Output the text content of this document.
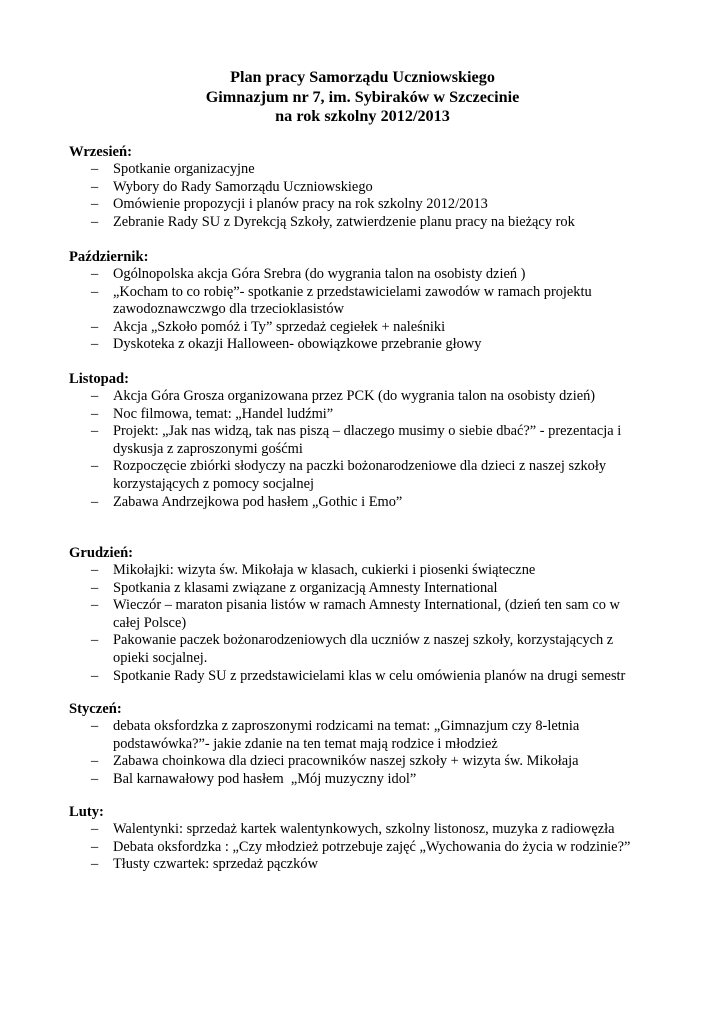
Plan pracy Samorządu Uczniowskiego
Gimnazjum nr 7, im. Sybiraków w Szczecinie
na rok szkolny 2012/2013
Wrzesień:
– Spotkanie organizacyjne
– Wybory do Rady Samorządu Uczniowskiego
– Omówienie propozycji i planów pracy na rok szkolny 2012/2013
– Zebranie Rady SU z Dyrekcją Szkoły, zatwierdzenie planu pracy na bieżący rok
Październik:
– Ogólnopolska akcja Góra Srebra (do wygrania talon na osobisty dzień )
– „Kocham to co robię”- spotkanie z przedstawicielami zawodów w ramach projektu zawodoznawczwgo dla trzecioklasistów
– Akcja „Szkoło pomóż i Ty” sprzedaż cegiełek + naleśniki
– Dyskoteka z okazji Halloween- obowiązkowe przebranie głowy
Listopad:
– Akcja Góra Grosza organizowana przez PCK (do wygrania talon na osobisty dzień)
– Noc filmowa, temat: „Handel ludźmi”
– Projekt: „Jak nas widzą, tak nas piszą – dlaczego musimy o siebie dbać?” - prezentacja i dyskusja z zaproszonymi gośćmi
– Rozpoczęcie zbiórki słodyczy na paczki bożonarodzeniowe dla dzieci z naszej szkoły korzystających z pomocy socjalnej
– Zabawa Andrzejkowa pod hasłem „Gothic i Emo”
Grudzień:
– Mikołajki: wizyta św. Mikołaja w klasach, cukierki i piosenki świąteczne
– Spotkania z klasami związane z organizacją Amnesty International
– Wieczór – maraton pisania listów w ramach Amnesty International, (dzień ten sam co w całej Polsce)
– Pakowanie paczek bożonarodzeniowych dla uczniów z naszej szkoły, korzystających z opieki socjalnej.
– Spotkanie Rady SU z przedstawicielami klas w celu omówienia planów na drugi semestr
Styczeń:
– debata oksfordzka z zaproszonymi rodzicami na temat: „Gimnazjum czy 8-letnia podstawówka?”- jakie zdanie na ten temat mają rodzice i młodzież
– Zabawa choinkowa dla dzieci pracowników naszej szkoły + wizyta św. Mikołaja
– Bal karnawałowy pod hasłem  „Mój muzyczny idol”
Luty:
– Walentynki: sprzedaż kartek walentynkowych, szkolny listonosz, muzyka z radiowęzła
– Debata oksfordzka : „Czy młodzież potrzebuje zajęć „Wychowania do życia w rodzinie?”
– Tłusty czwartek: sprzedaż pączków
